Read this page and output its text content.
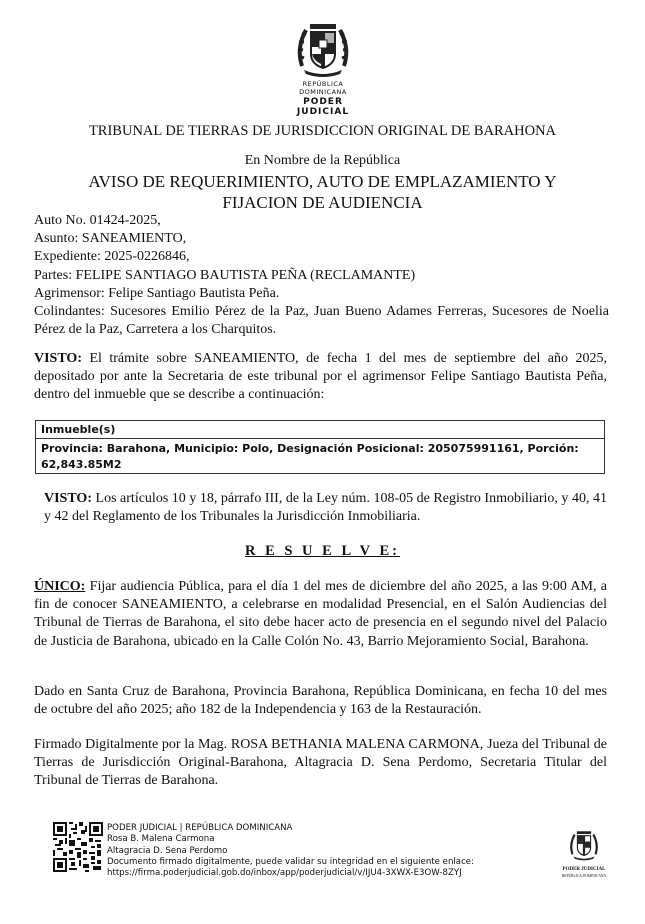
REPÚBLICA DOMINICANA
PODER JUDICIAL
TRIBUNAL DE TIERRAS DE JURISDICCION ORIGINAL DE BARAHONA
En Nombre de la República
AVISO DE REQUERIMIENTO, AUTO DE EMPLAZAMIENTO Y
FIJACION DE AUDIENCIA
Auto No. 01424-2025,
Asunto: SANEAMIENTO,
Expediente: 2025-0226846,
Partes: FELIPE SANTIAGO BAUTISTA PEÑA (RECLAMANTE)
Agrimensor: Felipe Santiago Bautista Peña.
Colindantes: Sucesores Emilio Pérez de la Paz, Juan Bueno Adames Ferreras, Sucesores de Noelia Pérez de la Paz, Carretera a los Charquitos.
VISTO: El trámite sobre SANEAMIENTO, de fecha 1 del mes de septiembre del año 2025, depositado por ante la Secretaria de este tribunal por el agrimensor Felipe Santiago Bautista Peña, dentro del inmueble que se describe a continuación:
Inmueble(s)
Provincia: Barahona, Municipio: Polo, Designación Posicional: 205075991161, Porción:
62,843.85M2
VISTO: Los artículos 10 y 18, párrafo III, de la Ley núm. 108-05 de Registro Inmobiliario, y 40, 41 y 42 del Reglamento de los Tribunales la Jurisdicción Inmobiliaria.
R E S U E L V E:
ÚNICO: Fijar audiencia Pública, para el día 1 del mes de diciembre del año 2025, a las 9:00 AM, a fin de conocer SANEAMIENTO, a celebrarse en modalidad Presencial, en el Salón Audiencias del Tribunal de Tierras de Barahona, el sito debe hacer acto de presencia en el segundo nivel del Palacio de Justicia de Barahona, ubicado en la Calle Colón No. 43, Barrio Mejoramiento Social, Barahona.
Dado en Santa Cruz de Barahona, Provincia Barahona, República Dominicana, en fecha 10 del mes de octubre del año 2025; año 182 de la Independencia y 163 de la Restauración.
Firmado Digitalmente por la Mag. ROSA BETHANIA MALENA CARMONA, Jueza del Tribunal de Tierras de Jurisdicción Original-Barahona, Altagracia D. Sena Perdomo, Secretaria Titular del Tribunal de Tierras de Barahona.
PODER JUDICIAL | REPÚBLICA DOMINICANA
Rosa B. Malena Carmona
Altagracia D. Sena Perdomo
Documento firmado digitalmente, puede validar su integridad en el siguiente enlace:
https://firma.poderjudicial.gob.do/inbox/app/poderjudicial/v/IJU4-3XWX-E3OW-8ZYJ	PODER JUDICIAL
REPÚBLICA DOMINICANA
